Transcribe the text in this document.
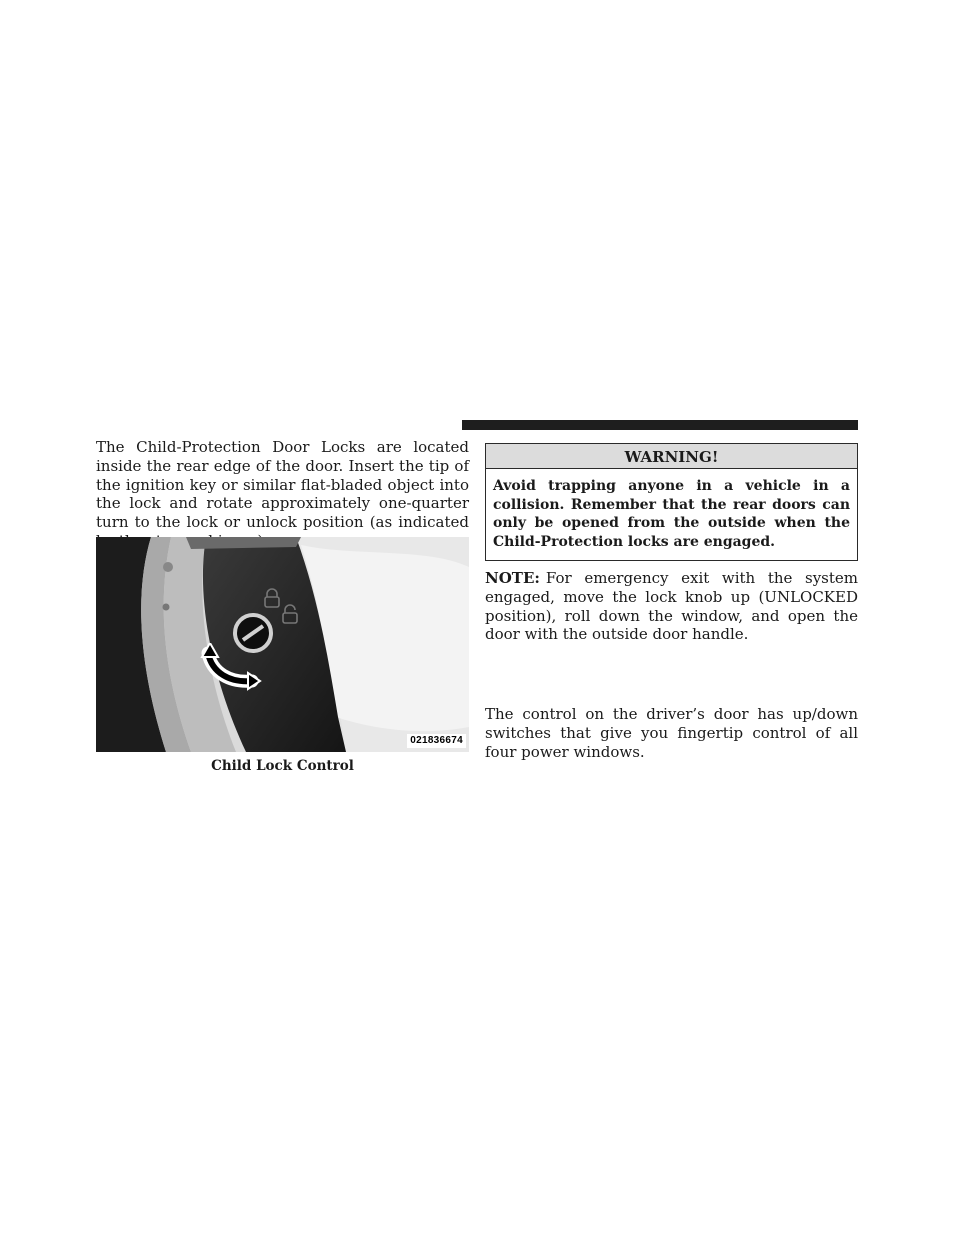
The Child-Protection Door Locks are located inside the rear edge of the door. Insert the tip of the ignition key or similar flat-bladed object into the lock and rotate approximately one-quarter turn to the lock or unlock position (as indicated

021836674
Child Lock Control
WARNING!
Avoid trapping anyone in a vehicle in a collision. Remember that the rear doors can only be opened from the outside when the Child-Protection locks are engaged.

NOTE: For emergency exit with the system engaged, move the lock knob up (UNLOCKED position), roll down the window, and open the door with the outside door handle.

The control on the driver’s door has up/down switches that give you fingertip control of all four power windows.
